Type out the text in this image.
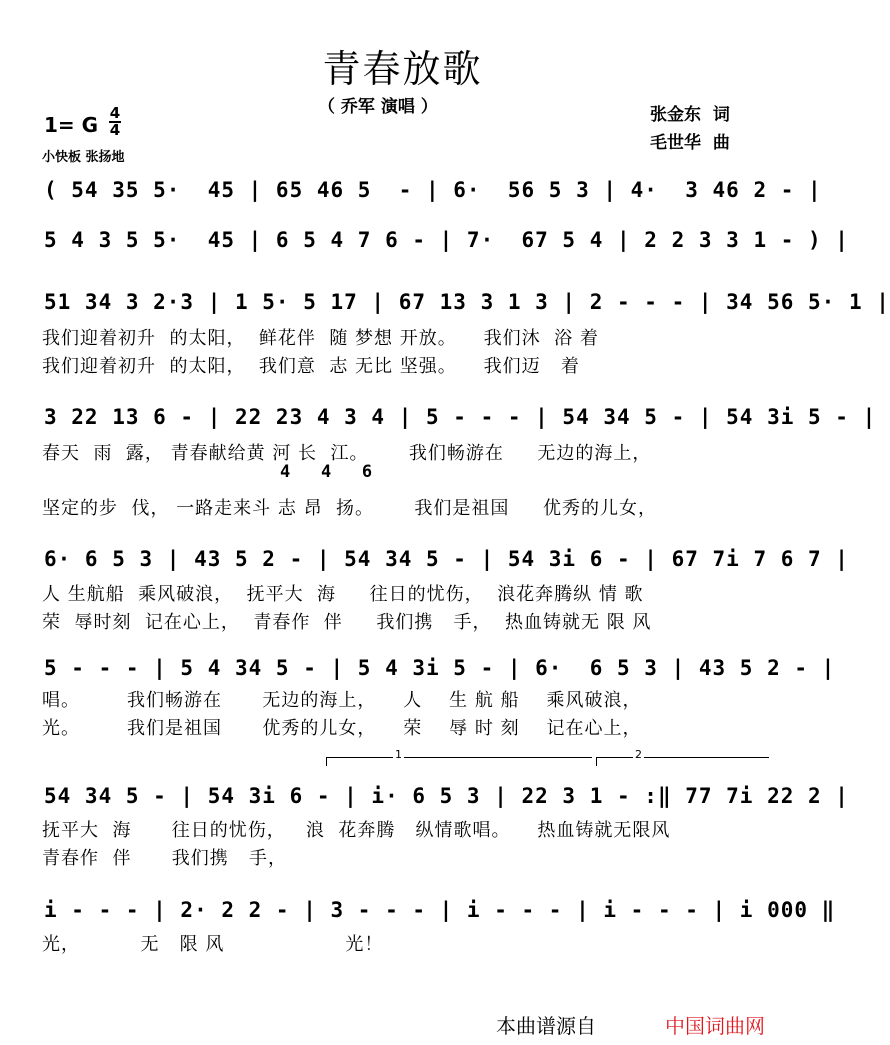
青春放歌
（ 乔军 演唱 ）	张金东  词
毛世华  曲
1= G 4
4
小快板 张扬地
( 54 35 5·  45 | 65 46 5  - | 6·  56 5 3 | 4·  3 46 2 - |
5 4 3 5 5·  45 | 6 5 4 7 6 - | 7·  67 5 4 | 2 2 3 3 1 - ) |
51 34 3 2·3 | 1 5· 5 17 | 67 13 3 1 3 | 2 - - - | 34 56 5· 1 |
我们迎着初升  的太阳，  鲜花伴  随 梦想 开放。    我们沐  浴 着
我们迎着初升  的太阳，  我们意  志 无比 坚强。    我们迈   着
3 22 13 6 - | 22 23 4 3 4 | 5 - - - | 54 34 5 - | 54 3i 5 - |
春天  雨  露， 青春献给黄 河 长  江。      我们畅游在     无边的海上，
4   4   6
坚定的步  伐， 一路走来斗 志 昂  扬。      我们是祖国     优秀的儿女，
6· 6 5 3 | 43 5 2 - | 54 34 5 - | 54 3i 6 - | 67 7i 7 6 7 |
人 生航船  乘风破浪，  抚平大  海     往日的忧伤，  浪花奔腾纵 情 歌
荣  辱时刻  记在心上，  青春作  伴     我们携   手，  热血铸就无 限 风
5 - - - | 5 4 34 5 - | 5 4 3i 5 - | 6·  6 5 3 | 43 5 2 - |
唱。       我们畅游在      无边的海上，    人    生 航 船    乘风破浪，
光。       我们是祖国      优秀的儿女，    荣    辱 时 刻    记在心上，
1	2
54 34 5 - | 54 3i 6 - | i· 6 5 3 | 22 3 1 - :‖ 77 7i 22 2 |
抚平大  海      往日的忧伤，   浪  花奔腾   纵情歌唱。    热血铸就无限风
青春作  伴      我们携   手，
i - - - | 2· 2 2 - | 3 - - - | i - - - | i - - - | i 000 ‖
光，         无   限 风                  光！
本曲谱源自	中国词曲网
